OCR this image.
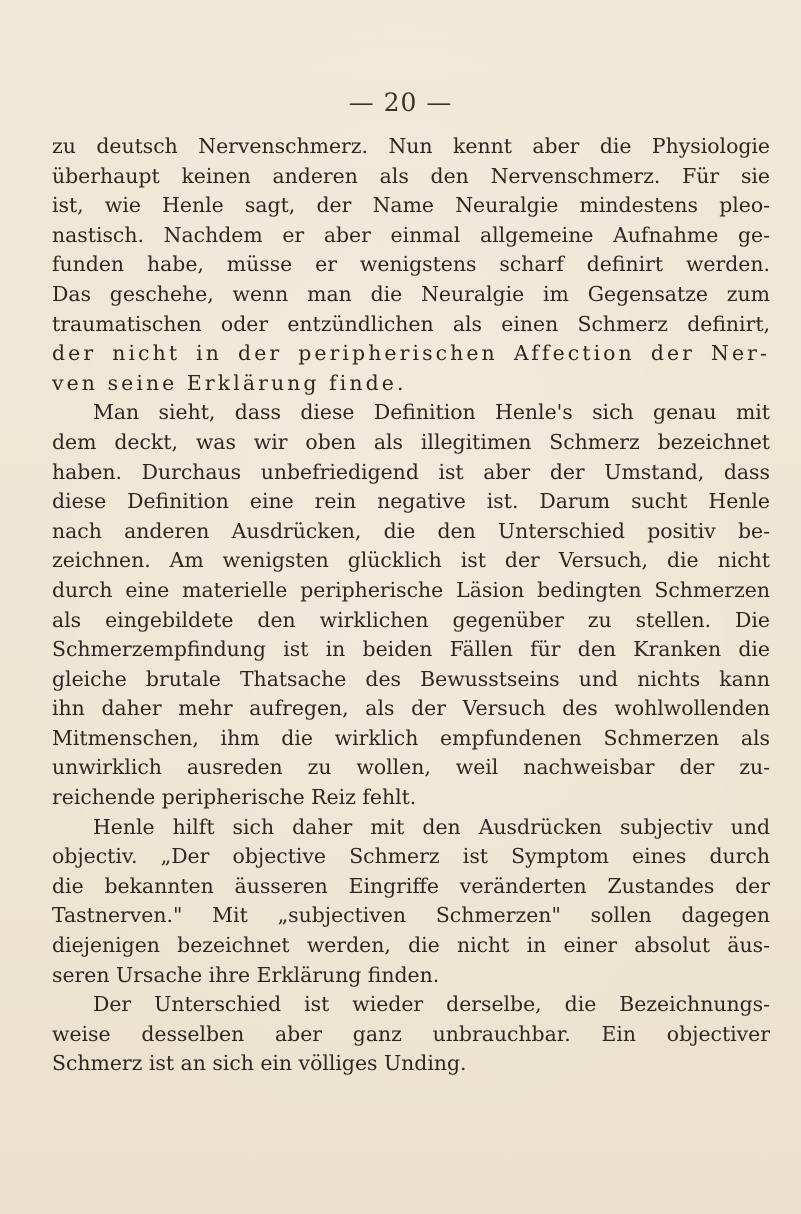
— 20 —
zu deutsch Nervenschmerz. Nun kennt aber die Physiologie
überhaupt keinen anderen als den Nervenschmerz. Für sie
ist, wie Henle sagt, der Name Neuralgie mindestens pleo-
nastisch. Nachdem er aber einmal allgemeine Aufnahme ge-
funden habe, müsse er wenigstens scharf definirt werden.
Das geschehe, wenn man die Neuralgie im Gegensatze zum
traumatischen oder entzündlichen als einen Schmerz definirt,
der nicht in der peripherischen Affection der Ner-
ven seine Erklärung finde.
Man sieht, dass diese Definition Henle's sich genau mit
dem deckt, was wir oben als illegitimen Schmerz bezeichnet
haben. Durchaus unbefriedigend ist aber der Umstand, dass
diese Definition eine rein negative ist. Darum sucht Henle
nach anderen Ausdrücken, die den Unterschied positiv be-
zeichnen. Am wenigsten glücklich ist der Versuch, die nicht
durch eine materielle peripherische Läsion bedingten Schmerzen
als eingebildete den wirklichen gegenüber zu stellen. Die
Schmerzempfindung ist in beiden Fällen für den Kranken die
gleiche brutale Thatsache des Bewusstseins und nichts kann
ihn daher mehr aufregen, als der Versuch des wohlwollenden
Mitmenschen, ihm die wirklich empfundenen Schmerzen als
unwirklich ausreden zu wollen, weil nachweisbar der zu-
reichende peripherische Reiz fehlt.
Henle hilft sich daher mit den Ausdrücken subjectiv und
objectiv. „Der objective Schmerz ist Symptom eines durch
die bekannten äusseren Eingriffe veränderten Zustandes der
Tastnerven." Mit „subjectiven Schmerzen" sollen dagegen
diejenigen bezeichnet werden, die nicht in einer absolut äus-
seren Ursache ihre Erklärung finden.
Der Unterschied ist wieder derselbe, die Bezeichnungs-
weise desselben aber ganz unbrauchbar. Ein objectiver
Schmerz ist an sich ein völliges Unding.
